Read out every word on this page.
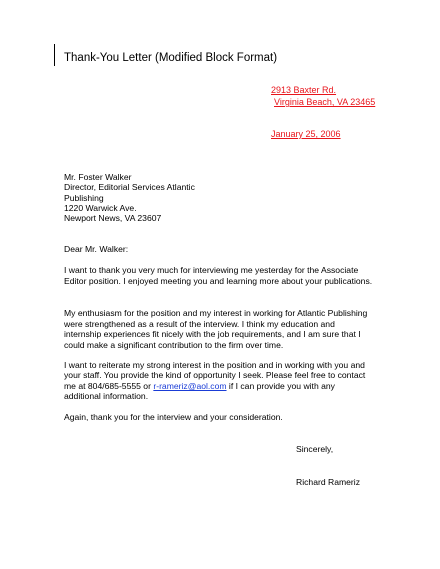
Thank-You Letter (Modified Block Format)
2913 Baxter Rd.
Virginia Beach, VA 23465
January 25, 2006
Mr. Foster Walker
Director, Editorial Services Atlantic
Publishing
1220 Warwick Ave.
Newport News, VA 23607
Dear Mr. Walker:
I want to thank you very much for interviewing me yesterday for the Associate
Editor position. I enjoyed meeting you and learning more about your publications.
My enthusiasm for the position and my interest in working for Atlantic Publishing
were strengthened as a result of the interview. I think my education and
internship experiences fit nicely with the job requirements, and I am sure that I
could make a significant contribution to the firm over time.
I want to reiterate my strong interest in the position and in working with you and
your staff. You provide the kind of opportunity I seek. Please feel free to contact
me at 804/685-5555 or r-rameriz@aol.com if I can provide you with any
additional information.
Again, thank you for the interview and your consideration.
Sincerely,
Richard Rameriz
